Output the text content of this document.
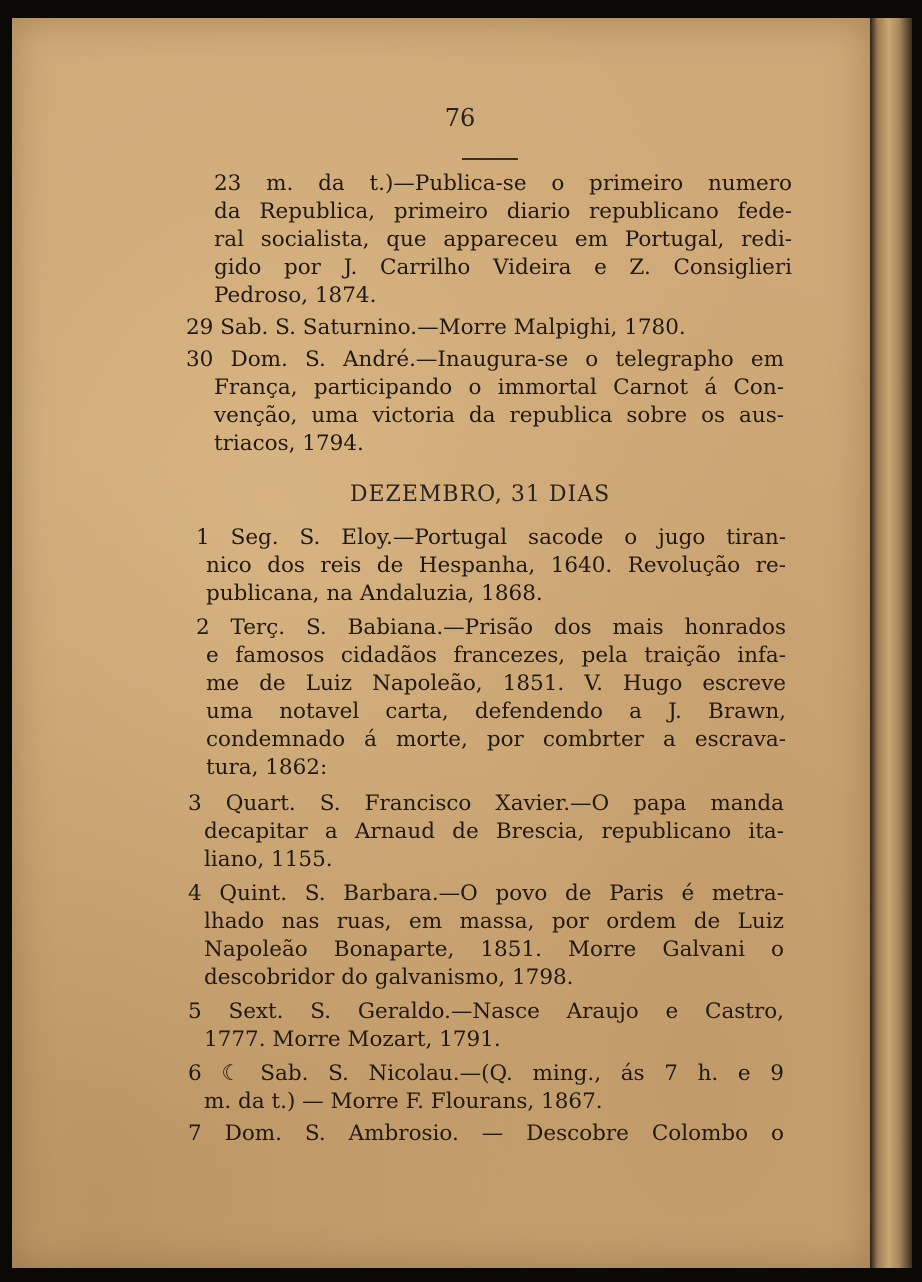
76
23 m. da t.)—Publica-se o primeiro numero
da Republica, primeiro diario republicano fede-
ral socialista, que appareceu em Portugal, redi-
gido por J. Carrilho Videira e Z. Consiglieri
Pedroso, 1874.
29 Sab. S. Saturnino.—Morre Malpighi, 1780.
30 Dom. S. André.—Inaugura-se o telegrapho em
França, participando o immortal Carnot á Con-
venção, uma victoria da republica sobre os aus-
triacos, 1794.
DEZEMBRO, 31 DIAS
1 Seg. S. Eloy.—Portugal sacode o jugo tiran-
nico dos reis de Hespanha, 1640. Revolução re-
publicana, na Andaluzia, 1868.
2 Terç. S. Babiana.—Prisão dos mais honrados
e famosos cidadãos francezes, pela traição infa-
me de Luiz Napoleão, 1851. V. Hugo escreve
uma notavel carta, defendendo a J. Brawn,
condemnado á morte, por combrter a escrava-
tura, 1862:
3 Quart. S. Francisco Xavier.—O papa manda
decapitar a Arnaud de Brescia, republicano ita-
liano, 1155.
4 Quint. S. Barbara.—O povo de Paris é metra-
lhado nas ruas, em massa, por ordem de Luiz
Napoleão Bonaparte, 1851. Morre Galvani o
descobridor do galvanismo, 1798.
5 Sext. S. Geraldo.—Nasce Araujo e Castro,
1777. Morre Mozart, 1791.
6 ☾ Sab. S. Nicolau.—(Q. ming., ás 7 h. e 9
m. da t.) — Morre F. Flourans, 1867.
7 Dom. S. Ambrosio. — Descobre Colombo o
